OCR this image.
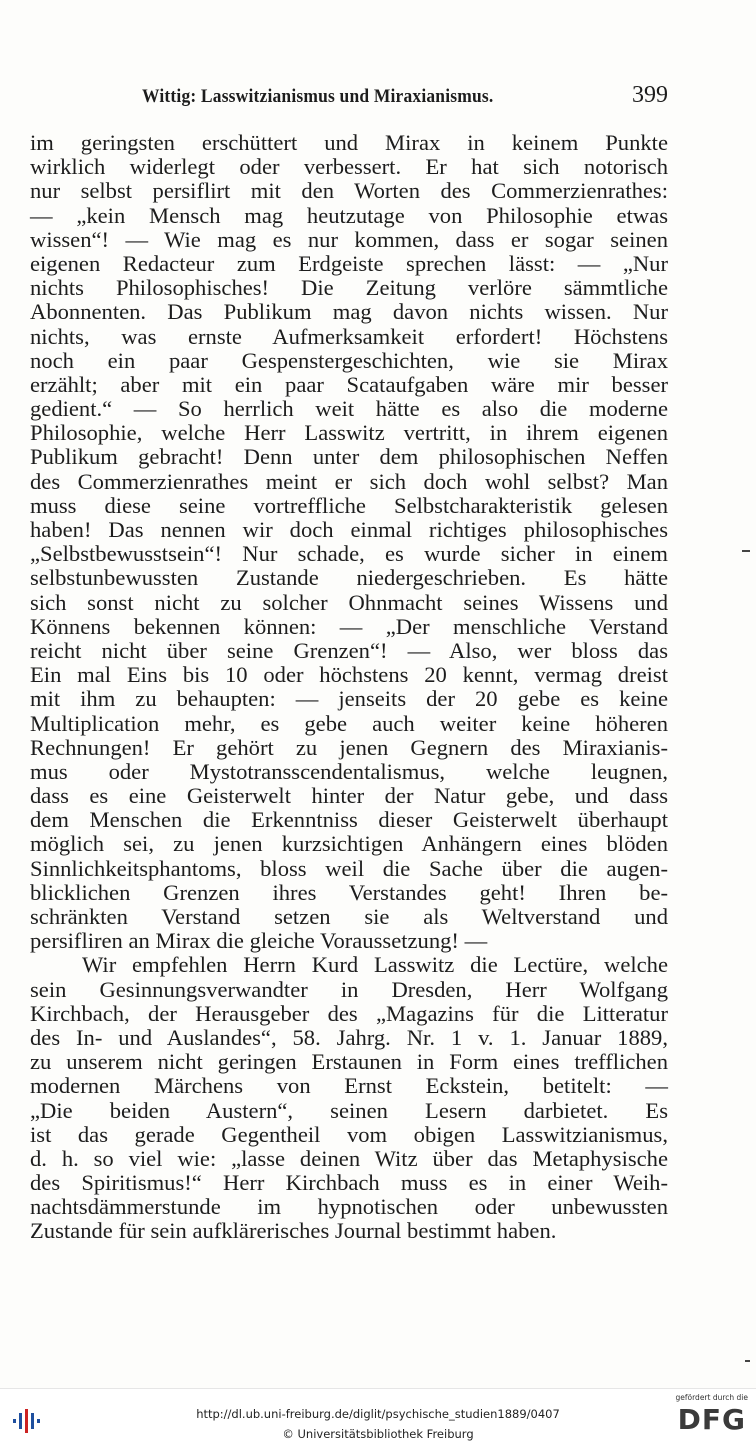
Wittig: Lasswitzianismus und Miraxianismus.	399
im geringsten erschüttert und Mirax in keinem Punkte
wirklich widerlegt oder verbessert. Er hat sich notorisch
nur selbst persiflirt mit den Worten des Commerzienrathes:
— „kein Mensch mag heutzutage von Philosophie etwas
wissen“! — Wie mag es nur kommen, dass er sogar seinen
eigenen Redacteur zum Erdgeiste sprechen lässt: — „Nur
nichts Philosophisches! Die Zeitung verlöre sämmtliche
Abonnenten. Das Publikum mag davon nichts wissen. Nur
nichts, was ernste Aufmerksamkeit erfordert! Höchstens
noch ein paar Gespenstergeschichten, wie sie Mirax
erzählt; aber mit ein paar Scataufgaben wäre mir besser
gedient.“ — So herrlich weit hätte es also die moderne
Philosophie, welche Herr Lasswitz vertritt, in ihrem eigenen
Publikum gebracht! Denn unter dem philosophischen Neffen
des Commerzienrathes meint er sich doch wohl selbst? Man
muss diese seine vortreffliche Selbstcharakteristik gelesen
haben! Das nennen wir doch einmal richtiges philosophisches
„Selbstbewusstsein“! Nur schade, es wurde sicher in einem
selbstunbewussten Zustande niedergeschrieben. Es hätte
sich sonst nicht zu solcher Ohnmacht seines Wissens und
Könnens bekennen können: — „Der menschliche Verstand
reicht nicht über seine Grenzen“! — Also, wer bloss das
Ein mal Eins bis 10 oder höchstens 20 kennt, vermag dreist
mit ihm zu behaupten: — jenseits der 20 gebe es keine
Multiplication mehr, es gebe auch weiter keine höheren
Rechnungen! Er gehört zu jenen Gegnern des Miraxianis-
mus oder Mystotransscendentalismus, welche leugnen,
dass es eine Geisterwelt hinter der Natur gebe, und dass
dem Menschen die Erkenntniss dieser Geisterwelt überhaupt
möglich sei, zu jenen kurzsichtigen Anhängern eines blöden
Sinnlichkeitsphantoms, bloss weil die Sache über die augen-
blicklichen Grenzen ihres Verstandes geht! Ihren be-
schränkten Verstand setzen sie als Weltverstand und
persifliren an Mirax die gleiche Voraussetzung! —
Wir empfehlen Herrn Kurd Lasswitz die Lectüre, welche
sein Gesinnungsverwandter in Dresden, Herr Wolfgang
Kirchbach, der Herausgeber des „Magazins für die Litteratur
des In- und Auslandes“, 58. Jahrg. Nr. 1 v. 1. Januar 1889,
zu unserem nicht geringen Erstaunen in Form eines trefflichen
modernen Märchens von Ernst Eckstein, betitelt: —
„Die beiden Austern“, seinen Lesern darbietet. Es
ist das gerade Gegentheil vom obigen Lasswitzianismus,
d. h. so viel wie: „lasse deinen Witz über das Metaphysische
des Spiritismus!“ Herr Kirchbach muss es in einer Weih-
nachtsdämmerstunde im hypnotischen oder unbewussten
Zustande für sein aufklärerisches Journal bestimmt haben.
http://dl.ub.uni-freiburg.de/diglit/psychische_studien1889/0407
© Universitätsbibliothek Freiburg
gefördert durch die
DFG
